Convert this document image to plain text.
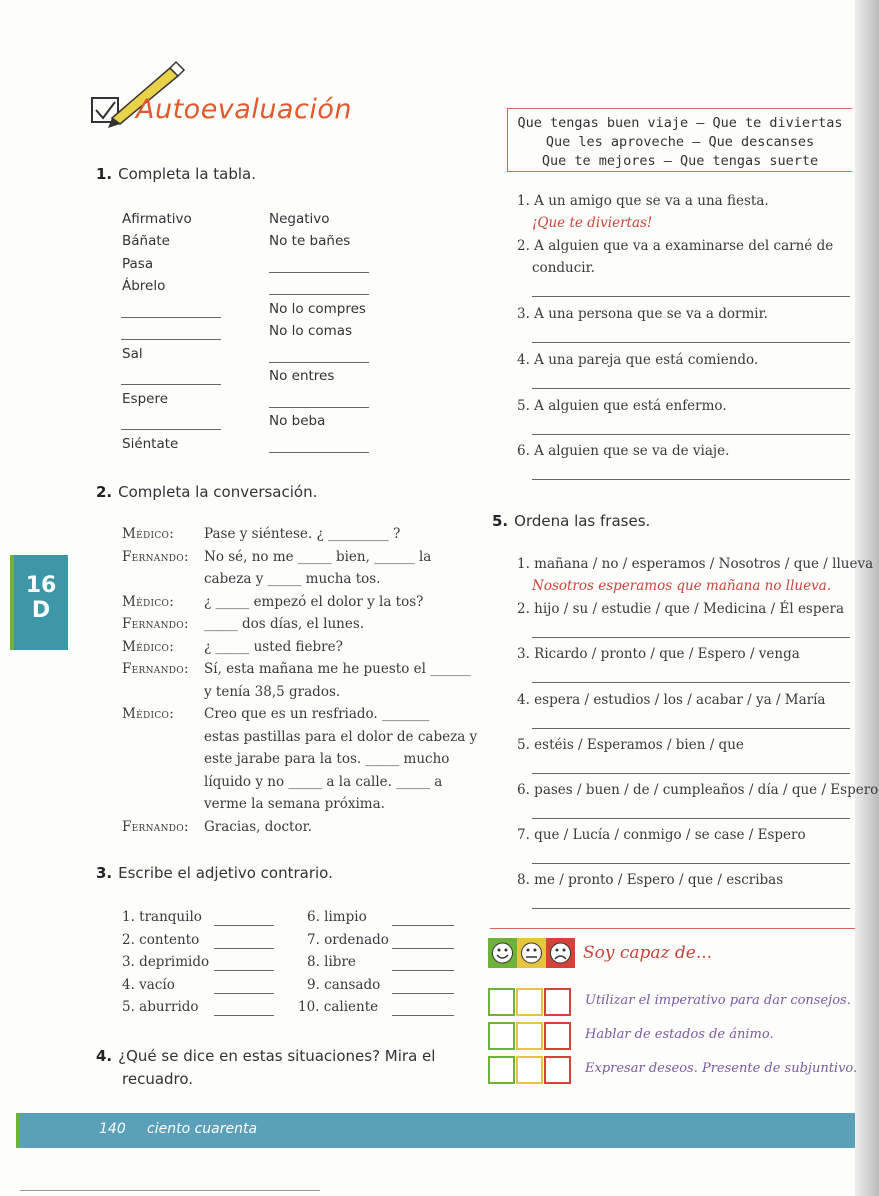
Autoevaluación
1. Completa la tabla.
Afirmativo	Negativo
2. Completa la conversación.
3. Escribe el adjetivo contrario.
4. ¿Qué se dice en estas situaciones? Mira el
recuadro.
Que tengas buen viaje – Que te diviertas
Que les aproveche – Que descanses
Que te mejores – Que tengas suerte
5. Ordena las frases.
Soy capaz de...
16
D
140 ciento cuarenta
Báñate
Pasa
Ábrelo
Sal
Espere
Siéntate
No te bañes
No lo compres
No lo comas
No entres
No beba
Médico: Pase y siéntese. ¿ _________ ?
Fernando: No sé, no me _____ bien, ______ la
cabeza y _____ mucha tos.
Médico: ¿ _____ empezó el dolor y la tos?
Fernando: _____ dos días, el lunes.
Médico: ¿ _____ usted fiebre?
Fernando: Sí, esta mañana me he puesto el ______
y tenía 38,5 grados.
Médico: Creo que es un resfriado. _______
estas pastillas para el dolor de cabeza y
este jarabe para la tos. _____ mucho
líquido y no _____ a la calle. _____ a
verme la semana próxima.
Fernando: Gracias, doctor.
1. tranquilo
2. contento
3. deprimido
4. vacío
5. aburrido
6. limpio
7. ordenado
8. libre
9. cansado
10. caliente
1. A un amigo que se va a una fiesta.
¡Que te diviertas!
2. A alguien que va a examinarse del carné de
conducir.
3. A una persona que se va a dormir.
4. A una pareja que está comiendo.
5. A alguien que está enfermo.
6. A alguien que se va de viaje.
1. mañana / no / esperamos / Nosotros / que / llueva
Nosotros esperamos que mañana no llueva.
2. hijo / su / estudie / que / Medicina / Él espera
3. Ricardo / pronto / que / Espero / venga
4. espera / estudios / los / acabar / ya / María
5. estéis / Esperamos / bien / que
6. pases / buen / de / cumpleaños / día / que / Espero
7. que / Lucía / conmigo / se case / Espero
8. me / pronto / Espero / que / escribas
Utilizar el imperativo para dar consejos.
Hablar de estados de ánimo.
Expresar deseos. Presente de subjuntivo.
